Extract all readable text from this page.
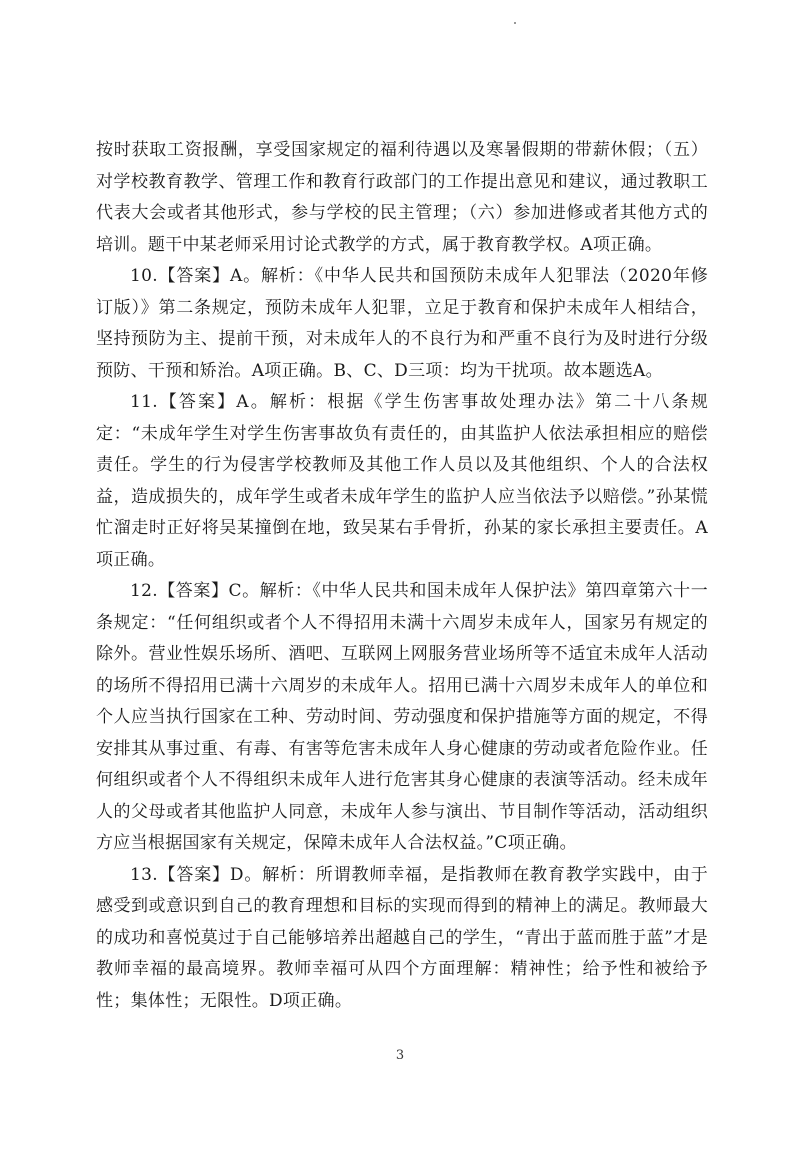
按时获取工资报酬，享受国家规定的福利待遇以及寒暑假期的带薪休假；（五）对学校教育教学、管理工作和教育行政部门的工作提出意见和建议，通过教职工代表大会或者其他形式，参与学校的民主管理；（六）参加进修或者其他方式的培训。题干中某老师采用讨论式教学的方式，属于教育教学权。A项正确。

10.【答案】A。解析：《中华人民共和国预防未成年人犯罪法（2020年修订版）》第二条规定，预防未成年人犯罪，立足于教育和保护未成年人相结合，坚持预防为主、提前干预，对未成年人的不良行为和严重不良行为及时进行分级预防、干预和矫治。A项正确。B、C、D三项：均为干扰项。故本题选A。

11.【答案】A。解析：根据《学生伤害事故处理办法》第二十八条规定：“未成年学生对学生伤害事故负有责任的，由其监护人依法承担相应的赔偿责任。学生的行为侵害学校教师及其他工作人员以及其他组织、个人的合法权益，造成损失的，成年学生或者未成年学生的监护人应当依法予以赔偿。”孙某慌忙溜走时正好将吴某撞倒在地，致吴某右手骨折，孙某的家长承担主要责任。A项正确。

12.【答案】C。解析：《中华人民共和国未成年人保护法》第四章第六十一条规定：“任何组织或者个人不得招用未满十六周岁未成年人，国家另有规定的除外。营业性娱乐场所、酒吧、互联网上网服务营业场所等不适宜未成年人活动的场所不得招用已满十六周岁的未成年人。招用已满十六周岁未成年人的单位和个人应当执行国家在工种、劳动时间、劳动强度和保护措施等方面的规定，不得安排其从事过重、有毒、有害等危害未成年人身心健康的劳动或者危险作业。任何组织或者个人不得组织未成年人进行危害其身心健康的表演等活动。经未成年人的父母或者其他监护人同意，未成年人参与演出、节目制作等活动，活动组织方应当根据国家有关规定，保障未成年人合法权益。”C项正确。

13.【答案】D。解析：所谓教师幸福，是指教师在教育教学实践中，由于感受到或意识到自己的教育理想和目标的实现而得到的精神上的满足。教师最大的成功和喜悦莫过于自己能够培养出超越自己的学生，“青出于蓝而胜于蓝”才是教师幸福的最高境界。教师幸福可从四个方面理解：精神性；给予性和被给予性；集体性；无限性。D项正确。

3
